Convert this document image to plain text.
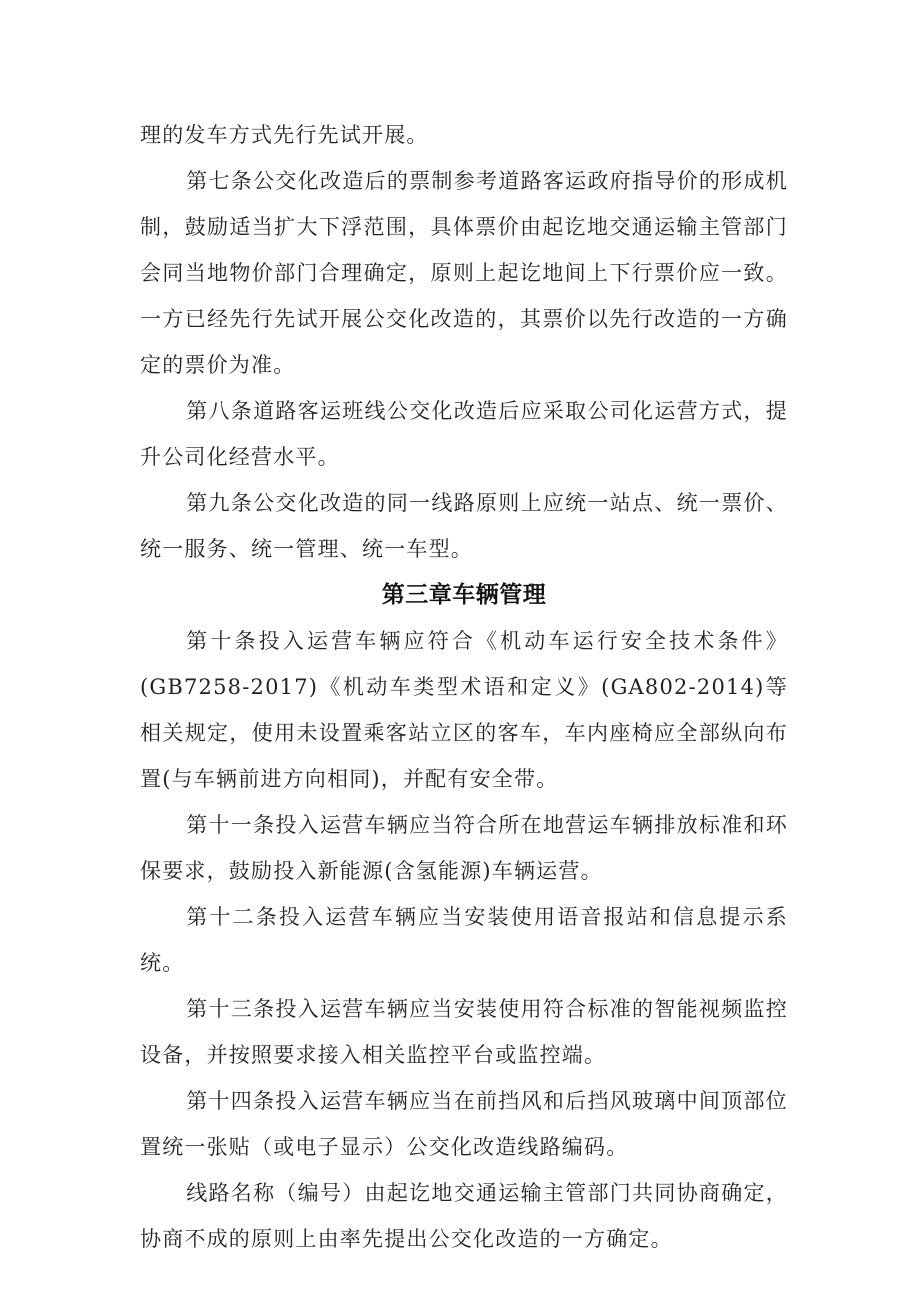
理的发车方式先行先试开展。

第七条公交化改造后的票制参考道路客运政府指导价的形成机制，鼓励适当扩大下浮范围，具体票价由起讫地交通运输主管部门会同当地物价部门合理确定，原则上起讫地间上下行票价应一致。一方已经先行先试开展公交化改造的，其票价以先行改造的一方确定的票价为准。

第八条道路客运班线公交化改造后应采取公司化运营方式，提升公司化经营水平。

第九条公交化改造的同一线路原则上应统一站点、统一票价、统一服务、统一管理、统一车型。

第三章车辆管理

第十条投入运营车辆应符合《机动车运行安全技术条件》(GB7258-2017)《机动车类型术语和定义》(GA802-2014)等相关规定，使用未设置乘客站立区的客车，车内座椅应全部纵向布置(与车辆前进方向相同)，并配有安全带。

第十一条投入运营车辆应当符合所在地营运车辆排放标准和环保要求，鼓励投入新能源(含氢能源)车辆运营。

第十二条投入运营车辆应当安装使用语音报站和信息提示系统。

第十三条投入运营车辆应当安装使用符合标准的智能视频监控设备，并按照要求接入相关监控平台或监控端。

第十四条投入运营车辆应当在前挡风和后挡风玻璃中间顶部位置统一张贴（或电子显示）公交化改造线路编码。

线路名称（编号）由起讫地交通运输主管部门共同协商确定，协商不成的原则上由率先提出公交化改造的一方确定。
